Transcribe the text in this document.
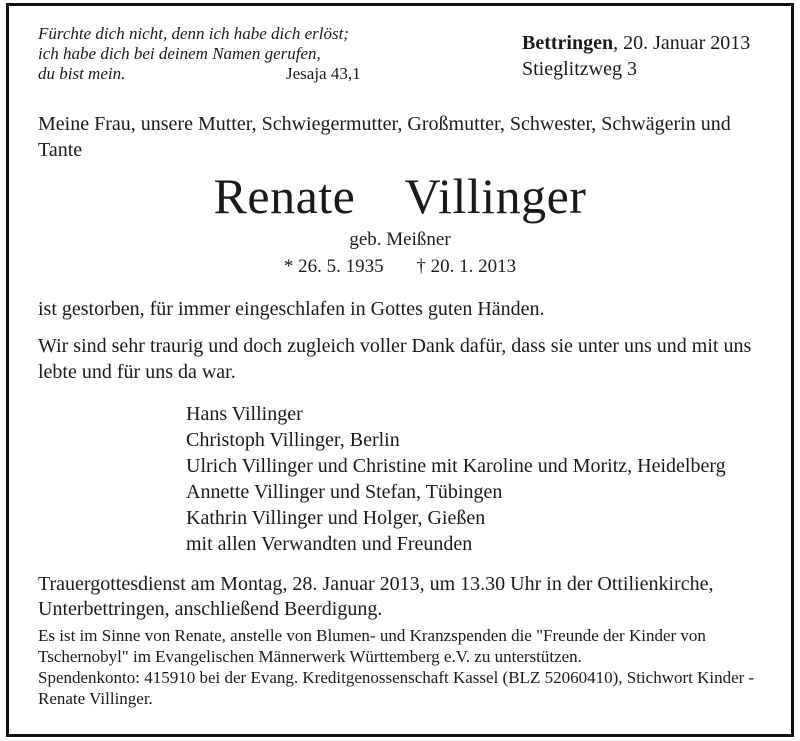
Fürchte dich nicht, denn ich habe dich erlöst;
ich habe dich bei deinem Namen gerufen,
du bist mein.	Jesaja 43,1
Bettringen, 20. Januar 2013
Stieglitzweg 3
Meine Frau, unsere Mutter, Schwiegermutter, Großmutter, Schwester, Schwägerin und Tante
Renate  Villinger
geb. Meißner
* 26. 5. 1935 † 20. 1. 2013
ist gestorben, für immer eingeschlafen in Gottes guten Händen.
Wir sind sehr traurig und doch zugleich voller Dank dafür, dass sie unter uns und mit uns lebte und für uns da war.
Hans Villinger
Christoph Villinger, Berlin
Ulrich Villinger und Christine mit Karoline und Moritz, Heidelberg
Annette Villinger und Stefan, Tübingen
Kathrin Villinger und Holger, Gießen
mit allen Verwandten und Freunden
Trauergottesdienst am Montag, 28. Januar 2013, um 13.30 Uhr in der Ottilienkirche, Unterbettringen, anschließend Beerdigung.
Es ist im Sinne von Renate, anstelle von Blumen- und Kranzspenden die "Freunde der Kinder von Tschernobyl" im Evangelischen Männerwerk Württemberg e.V. zu unterstützen.
Spendenkonto: 415910 bei der Evang. Kreditgenossenschaft Kassel (BLZ 52060410), Stichwort Kinder - Renate Villinger.
